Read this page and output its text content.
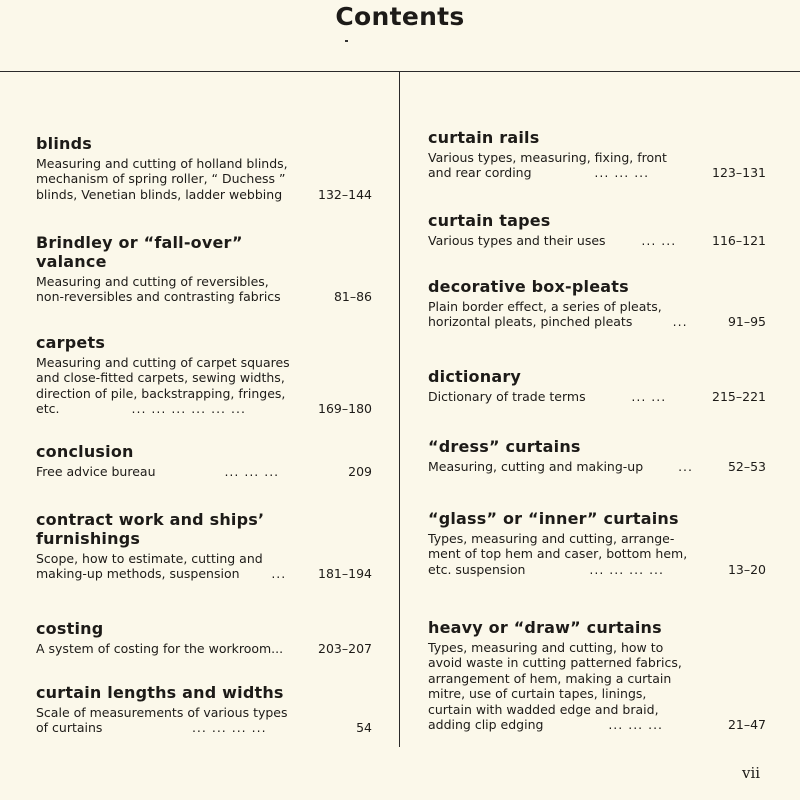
Contents
blinds
Measuring and cutting of holland blinds,
mechanism of spring roller, “ Duchess ”
blinds, Venetian blinds, ladder webbing	132–144
Brindley or “fall-over”
valance
Measuring and cutting of reversibles,
non-reversibles and contrasting fabrics	81–86
carpets
Measuring and cutting of carpet squares
and close-fitted carpets, sewing widths,
direction of pile, backstrapping, fringes,
etc.	... ... ... ... ... ...	169–180
conclusion
Free advice bureau	... ... ...	209
contract work and ships’
furnishings
Scope, how to estimate, cutting and
making-up methods, suspension	...	181–194
costing
A system of costing for the workroom...	203–207
curtain lengths and widths
Scale of measurements of various types
of curtains	... ... ... ...	54
curtain rails
Various types, measuring, fixing, front
and rear cording	... ... ...	123–131
curtain tapes
Various types and their uses	... ...	116–121
decorative box-pleats
Plain border effect, a series of pleats,
horizontal pleats, pinched pleats	...	91–95
dictionary
Dictionary of trade terms	... ...	215–221
“dress” curtains
Measuring, cutting and making-up	...	52–53
“glass” or “inner” curtains
Types, measuring and cutting, arrange-
ment of top hem and caser, bottom hem,
etc. suspension	... ... ... ...	13–20
heavy or “draw” curtains
Types, measuring and cutting, how to
avoid waste in cutting patterned fabrics,
arrangement of hem, making a curtain
mitre, use of curtain tapes, linings,
curtain with wadded edge and braid,
adding clip edging	... ... ...	21–47
vii
